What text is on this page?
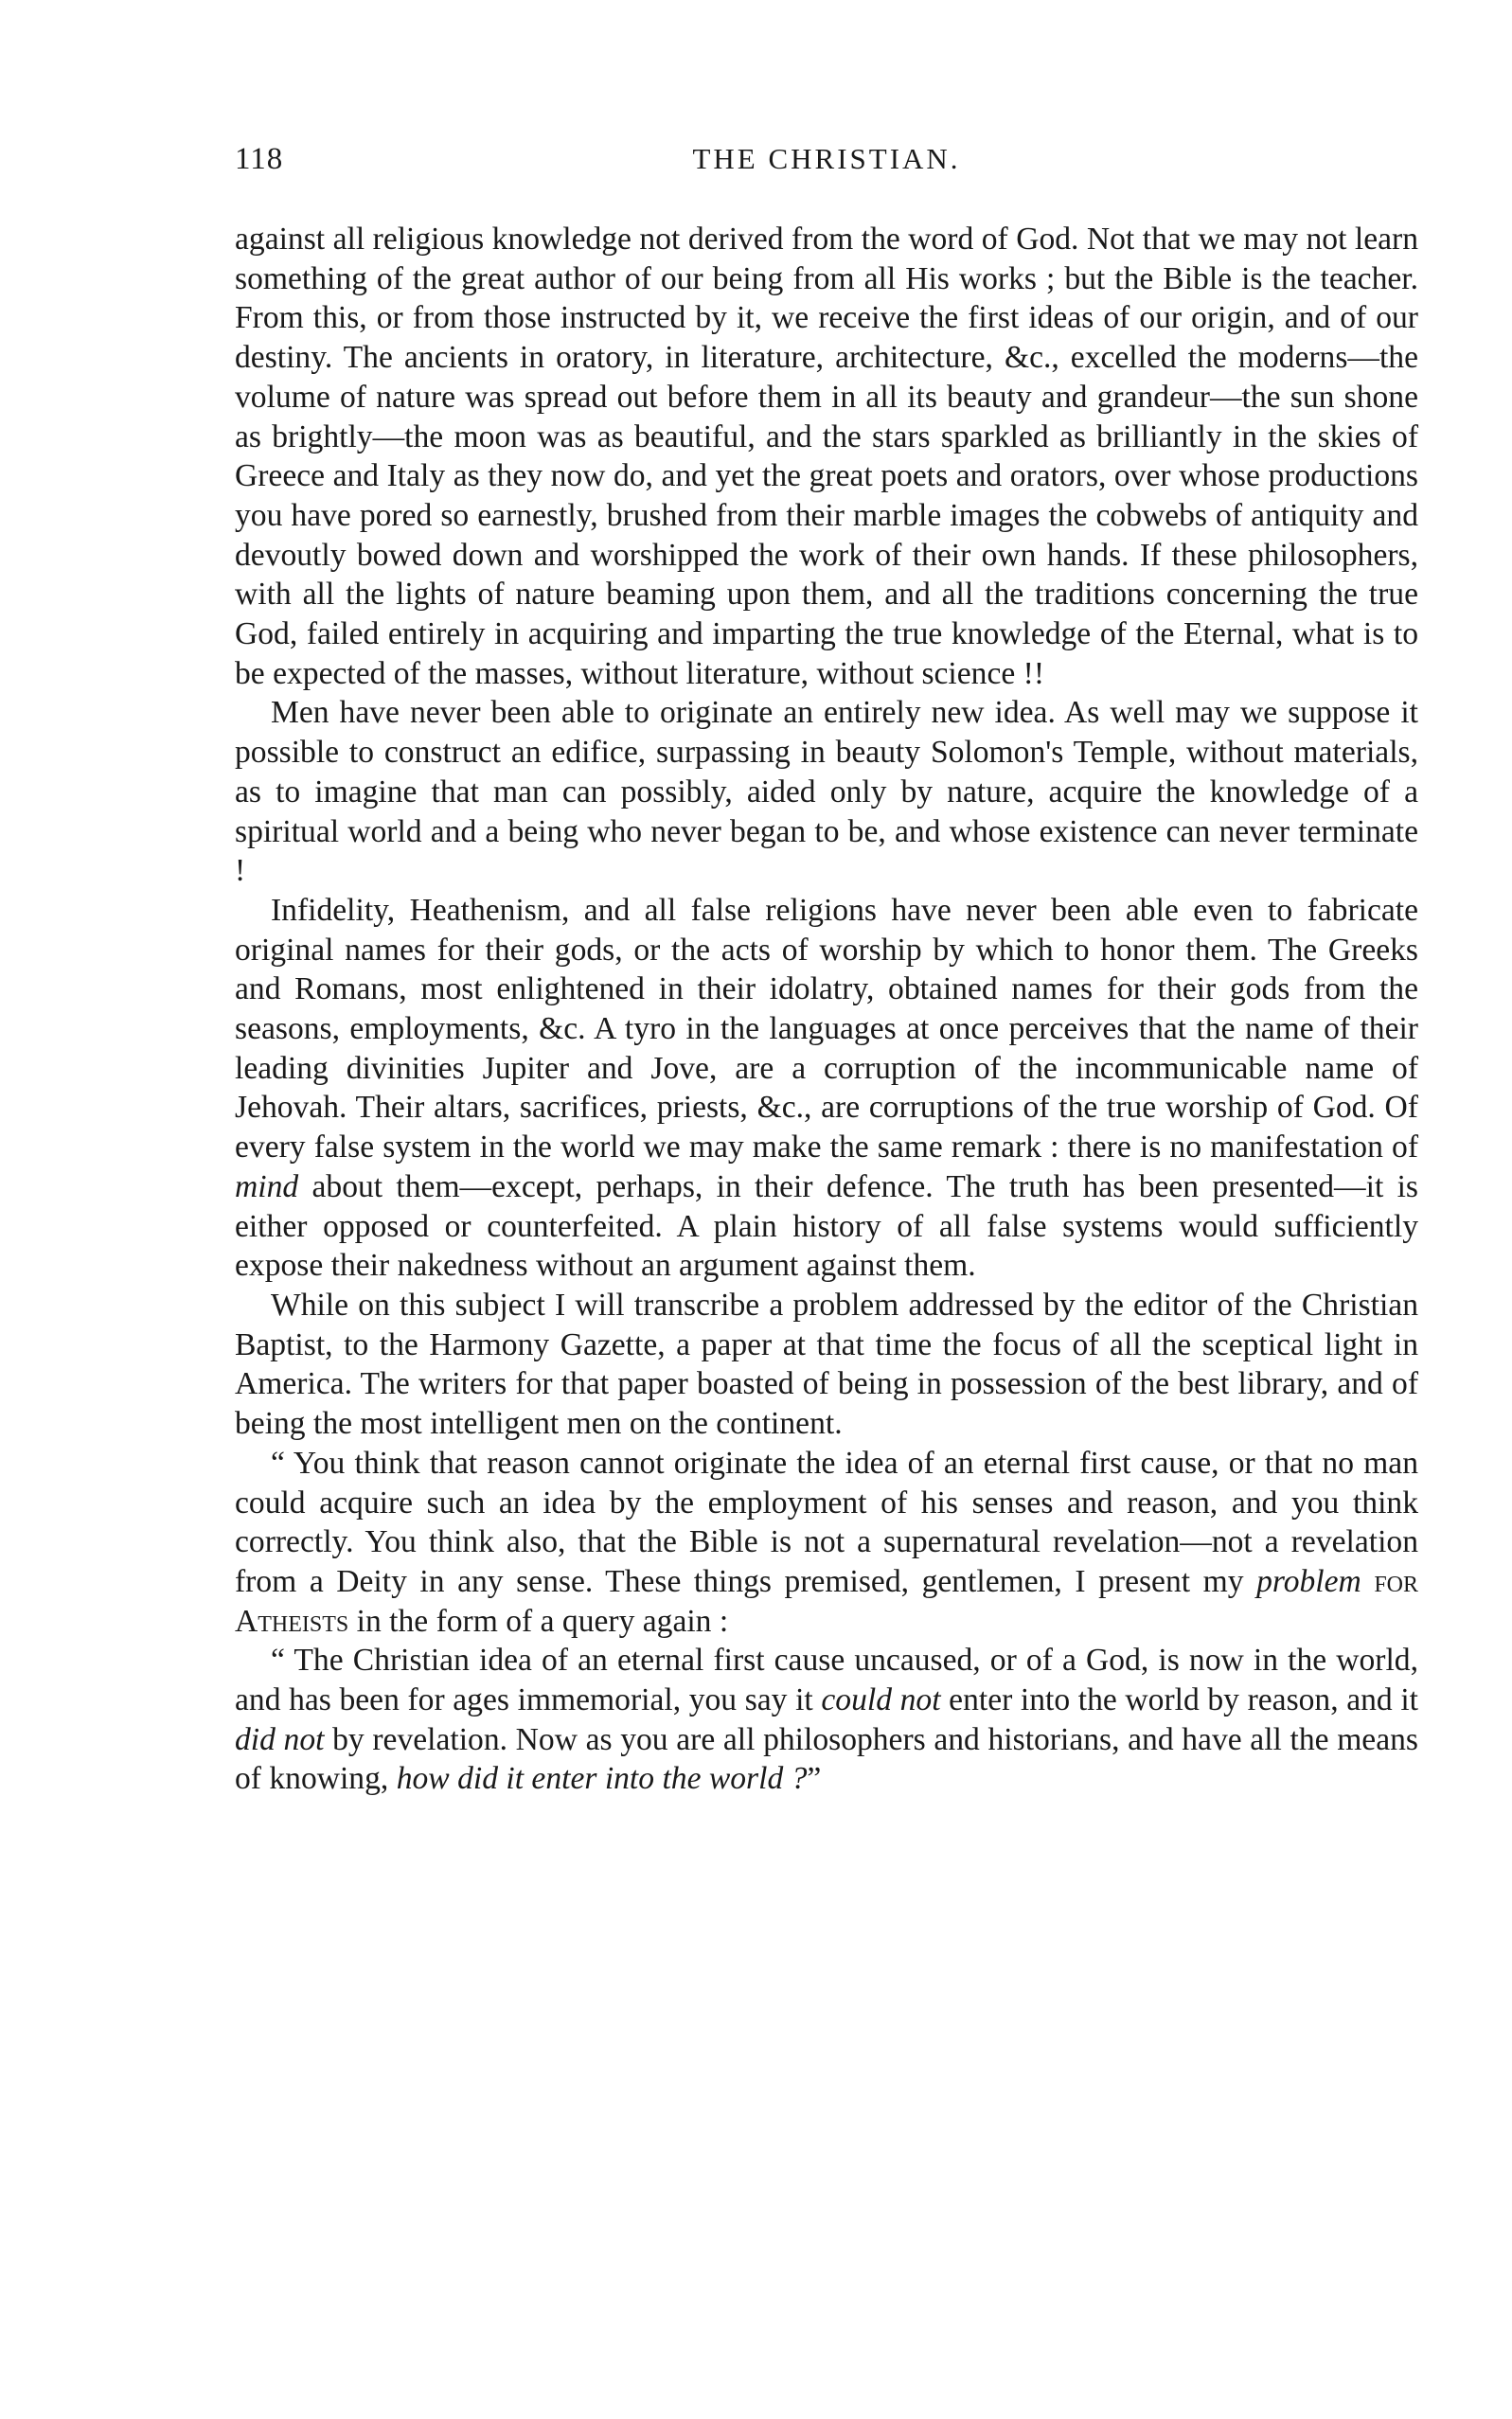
118	THE CHRISTIAN.

against all religious knowledge not derived from the word of God. Not that we may not learn something of the great author of our being from all His works ; but the Bible is the teacher. From this, or from those instructed by it, we receive the first ideas of our origin, and of our destiny. The ancients in oratory, in literature, architecture, &c., excelled the moderns—the volume of nature was spread out before them in all its beauty and grandeur—the sun shone as brightly—the moon was as beautiful, and the stars sparkled as brilliantly in the skies of Greece and Italy as they now do, and yet the great poets and orators, over whose productions you have pored so earnestly, brushed from their marble images the cobwebs of antiquity and devoutly bowed down and worshipped the work of their own hands. If these philosophers, with all the lights of nature beaming upon them, and all the traditions concerning the true God, failed entirely in acquiring and imparting the true knowledge of the Eternal, what is to be expected of the masses, without literature, without science !!

Men have never been able to originate an entirely new idea. As well may we suppose it possible to construct an edifice, surpassing in beauty Solomon's Temple, without materials, as to imagine that man can possibly, aided only by nature, acquire the knowledge of a spiritual world and a being who never began to be, and whose existence can never terminate !

Infidelity, Heathenism, and all false religions have never been able even to fabricate original names for their gods, or the acts of worship by which to honor them. The Greeks and Romans, most enlightened in their idolatry, obtained names for their gods from the seasons, employments, &c. A tyro in the languages at once perceives that the name of their leading divinities Jupiter and Jove, are a corruption of the incommunicable name of Jehovah. Their altars, sacrifices, priests, &c., are corruptions of the true worship of God. Of every false system in the world we may make the same remark : there is no manifestation of mind about them—except, perhaps, in their defence. The truth has been presented—it is either opposed or counterfeited. A plain history of all false systems would sufficiently expose their nakedness without an argument against them.

While on this subject I will transcribe a problem addressed by the editor of the Christian Baptist, to the Harmony Gazette, a paper at that time the focus of all the sceptical light in America. The writers for that paper boasted of being in possession of the best library, and of being the most intelligent men on the continent.

“ You think that reason cannot originate the idea of an eternal first cause, or that no man could acquire such an idea by the employment of his senses and reason, and you think correctly. You think also, that the Bible is not a supernatural revelation—not a revelation from a Deity in any sense. These things premised, gentlemen, I present my problem for Atheists in the form of a query again :

“ The Christian idea of an eternal first cause uncaused, or of a God, is now in the world, and has been for ages immemorial, you say it could not enter into the world by reason, and it did not by revelation. Now as you are all philosophers and historians, and have all the means of knowing, how did it enter into the world ?”
